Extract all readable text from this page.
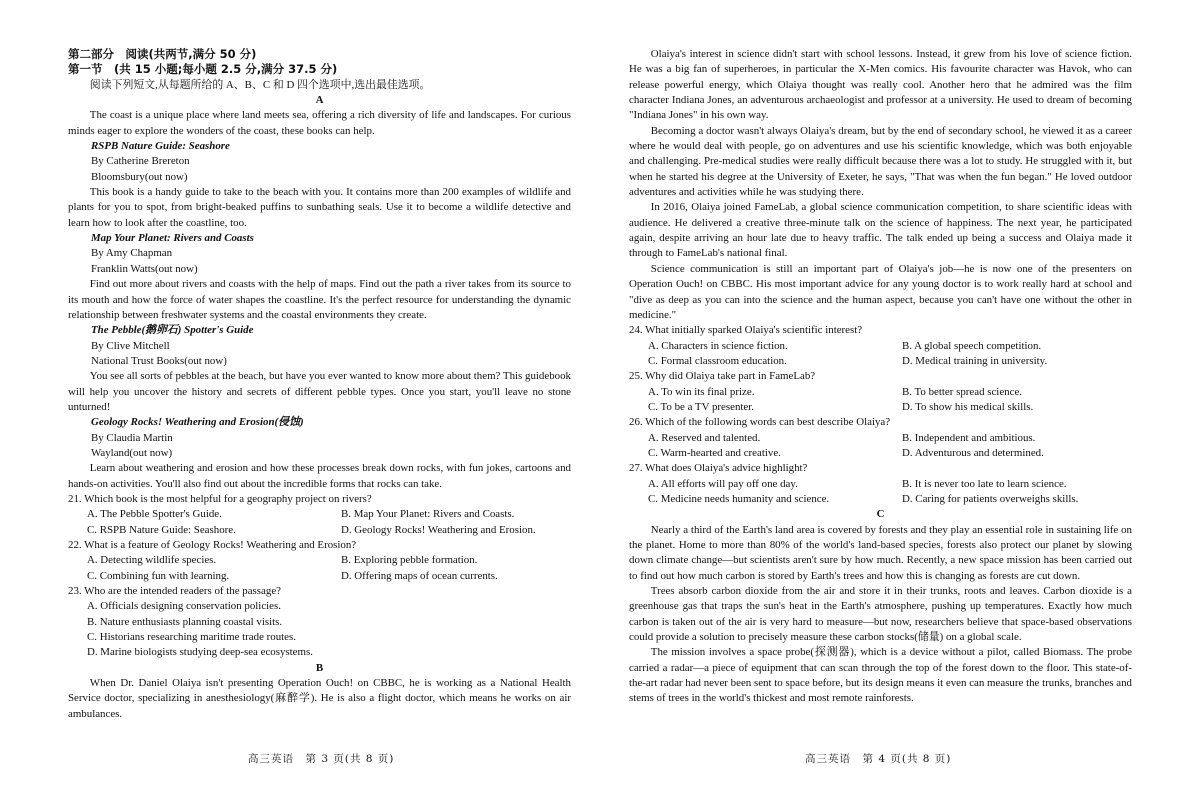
第二部分　阅读(共两节,满分 50 分)

第一节　(共 15 小题;每小题 2.5 分,满分 37.5 分)

阅读下列短文,从每题所给的 A、B、C 和 D 四个选项中,选出最佳选项。

A

The coast is a unique place where land meets sea, offering a rich diversity of life and landscapes. For curious minds eager to explore the wonders of the coast, these books can help.

RSPB Nature Guide: Seashore

By Catherine Brereton

Bloomsbury(out now)

This book is a handy guide to take to the beach with you. It contains more than 200 examples of wildlife and plants for you to spot, from bright-beaked puffins to sunbathing seals. Use it to become a wildlife detective and learn how to look after the coastline, too.

Map Your Planet: Rivers and Coasts

By Amy Chapman

Franklin Watts(out now)

Find out more about rivers and coasts with the help of maps. Find out the path a river takes from its source to its mouth and how the force of water shapes the coastline. It's the perfect resource for understanding the dynamic relationship between freshwater systems and the coastal environments they create.

The Pebble(鹅卵石) Spotter's Guide

By Clive Mitchell

National Trust Books(out now)

You see all sorts of pebbles at the beach, but have you ever wanted to know more about them? This guidebook will help you uncover the history and secrets of different pebble types. Once you start, you'll leave no stone unturned!

Geology Rocks! Weathering and Erosion(侵蚀)

By Claudia Martin

Wayland(out now)

Learn about weathering and erosion and how these processes break down rocks, with fun jokes, cartoons and hands-on activities. You'll also find out about the incredible forms that rocks can take.

21. Which book is the most helpful for a geography project on rivers?

A. The Pebble Spotter's Guide.	B. Map Your Planet: Rivers and Coasts.
C. RSPB Nature Guide: Seashore.	D. Geology Rocks! Weathering and Erosion.

22. What is a feature of Geology Rocks! Weathering and Erosion?

A. Detecting wildlife species.	B. Exploring pebble formation.
C. Combining fun with learning.	D. Offering maps of ocean currents.

23. Who are the intended readers of the passage?

A. Officials designing conservation policies.

B. Nature enthusiasts planning coastal visits.

C. Historians researching maritime trade routes.

D. Marine biologists studying deep-sea ecosystems.

B

When Dr. Daniel Olaiya isn't presenting Operation Ouch! on CBBC, he is working as a National Health Service doctor, specializing in anesthesiology(麻醉学). He is also a flight doctor, which means he works on air ambulances.

高三英语　第 3 页(共 8 页)

Olaiya's interest in science didn't start with school lessons. Instead, it grew from his love of science fiction. He was a big fan of superheroes, in particular the X-Men comics. His favourite character was Havok, who can release powerful energy, which Olaiya thought was really cool. Another hero that he admired was the film character Indiana Jones, an adventurous archaeologist and professor at a university. He used to dream of becoming "Indiana Jones" in his own way.

Becoming a doctor wasn't always Olaiya's dream, but by the end of secondary school, he viewed it as a career where he would deal with people, go on adventures and use his scientific knowledge, which was both enjoyable and challenging. Pre-medical studies were really difficult because there was a lot to study. He struggled with it, but when he started his degree at the University of Exeter, he says, "That was when the fun began." He loved outdoor adventures and activities while he was studying there.

In 2016, Olaiya joined FameLab, a global science communication competition, to share scientific ideas with audience. He delivered a creative three-minute talk on the science of happiness. The next year, he participated again, despite arriving an hour late due to heavy traffic. The talk ended up being a success and Olaiya made it through to FameLab's national final.

Science communication is still an important part of Olaiya's job—he is now one of the presenters on Operation Ouch! on CBBC. His most important advice for any young doctor is to work really hard at school and "dive as deep as you can into the science and the human aspect, because you can't have one without the other in medicine."

24. What initially sparked Olaiya's scientific interest?

A. Characters in science fiction.	B. A global speech competition.
C. Formal classroom education.	D. Medical training in university.

25. Why did Olaiya take part in FameLab?

A. To win its final prize.	B. To better spread science.
C. To be a TV presenter.	D. To show his medical skills.

26. Which of the following words can best describe Olaiya?

A. Reserved and talented.	B. Independent and ambitious.
C. Warm-hearted and creative.	D. Adventurous and determined.

27. What does Olaiya's advice highlight?

A. All efforts will pay off one day.	B. It is never too late to learn science.
C. Medicine needs humanity and science.	D. Caring for patients overweighs skills.

C

Nearly a third of the Earth's land area is covered by forests and they play an essential role in sustaining life on the planet. Home to more than 80% of the world's land-based species, forests also protect our planet by slowing down climate change—but scientists aren't sure by how much. Recently, a new space mission has been carried out to find out how much carbon is stored by Earth's trees and how this is changing as forests are cut down.

Trees absorb carbon dioxide from the air and store it in their trunks, roots and leaves. Carbon dioxide is a greenhouse gas that traps the sun's heat in the Earth's atmosphere, pushing up temperatures. Exactly how much carbon is taken out of the air is very hard to measure—but now, researchers believe that space-based observations could provide a solution to precisely measure these carbon stocks(储量) on a global scale.

The mission involves a space probe(探测器), which is a device without a pilot, called Biomass. The probe carried a radar—a piece of equipment that can scan through the top of the forest down to the floor. This state-of-the-art radar had never been sent to space before, but its design means it even can measure the trunks, branches and stems of trees in the world's thickest and most remote rainforests.

高三英语　第 4 页(共 8 页)
